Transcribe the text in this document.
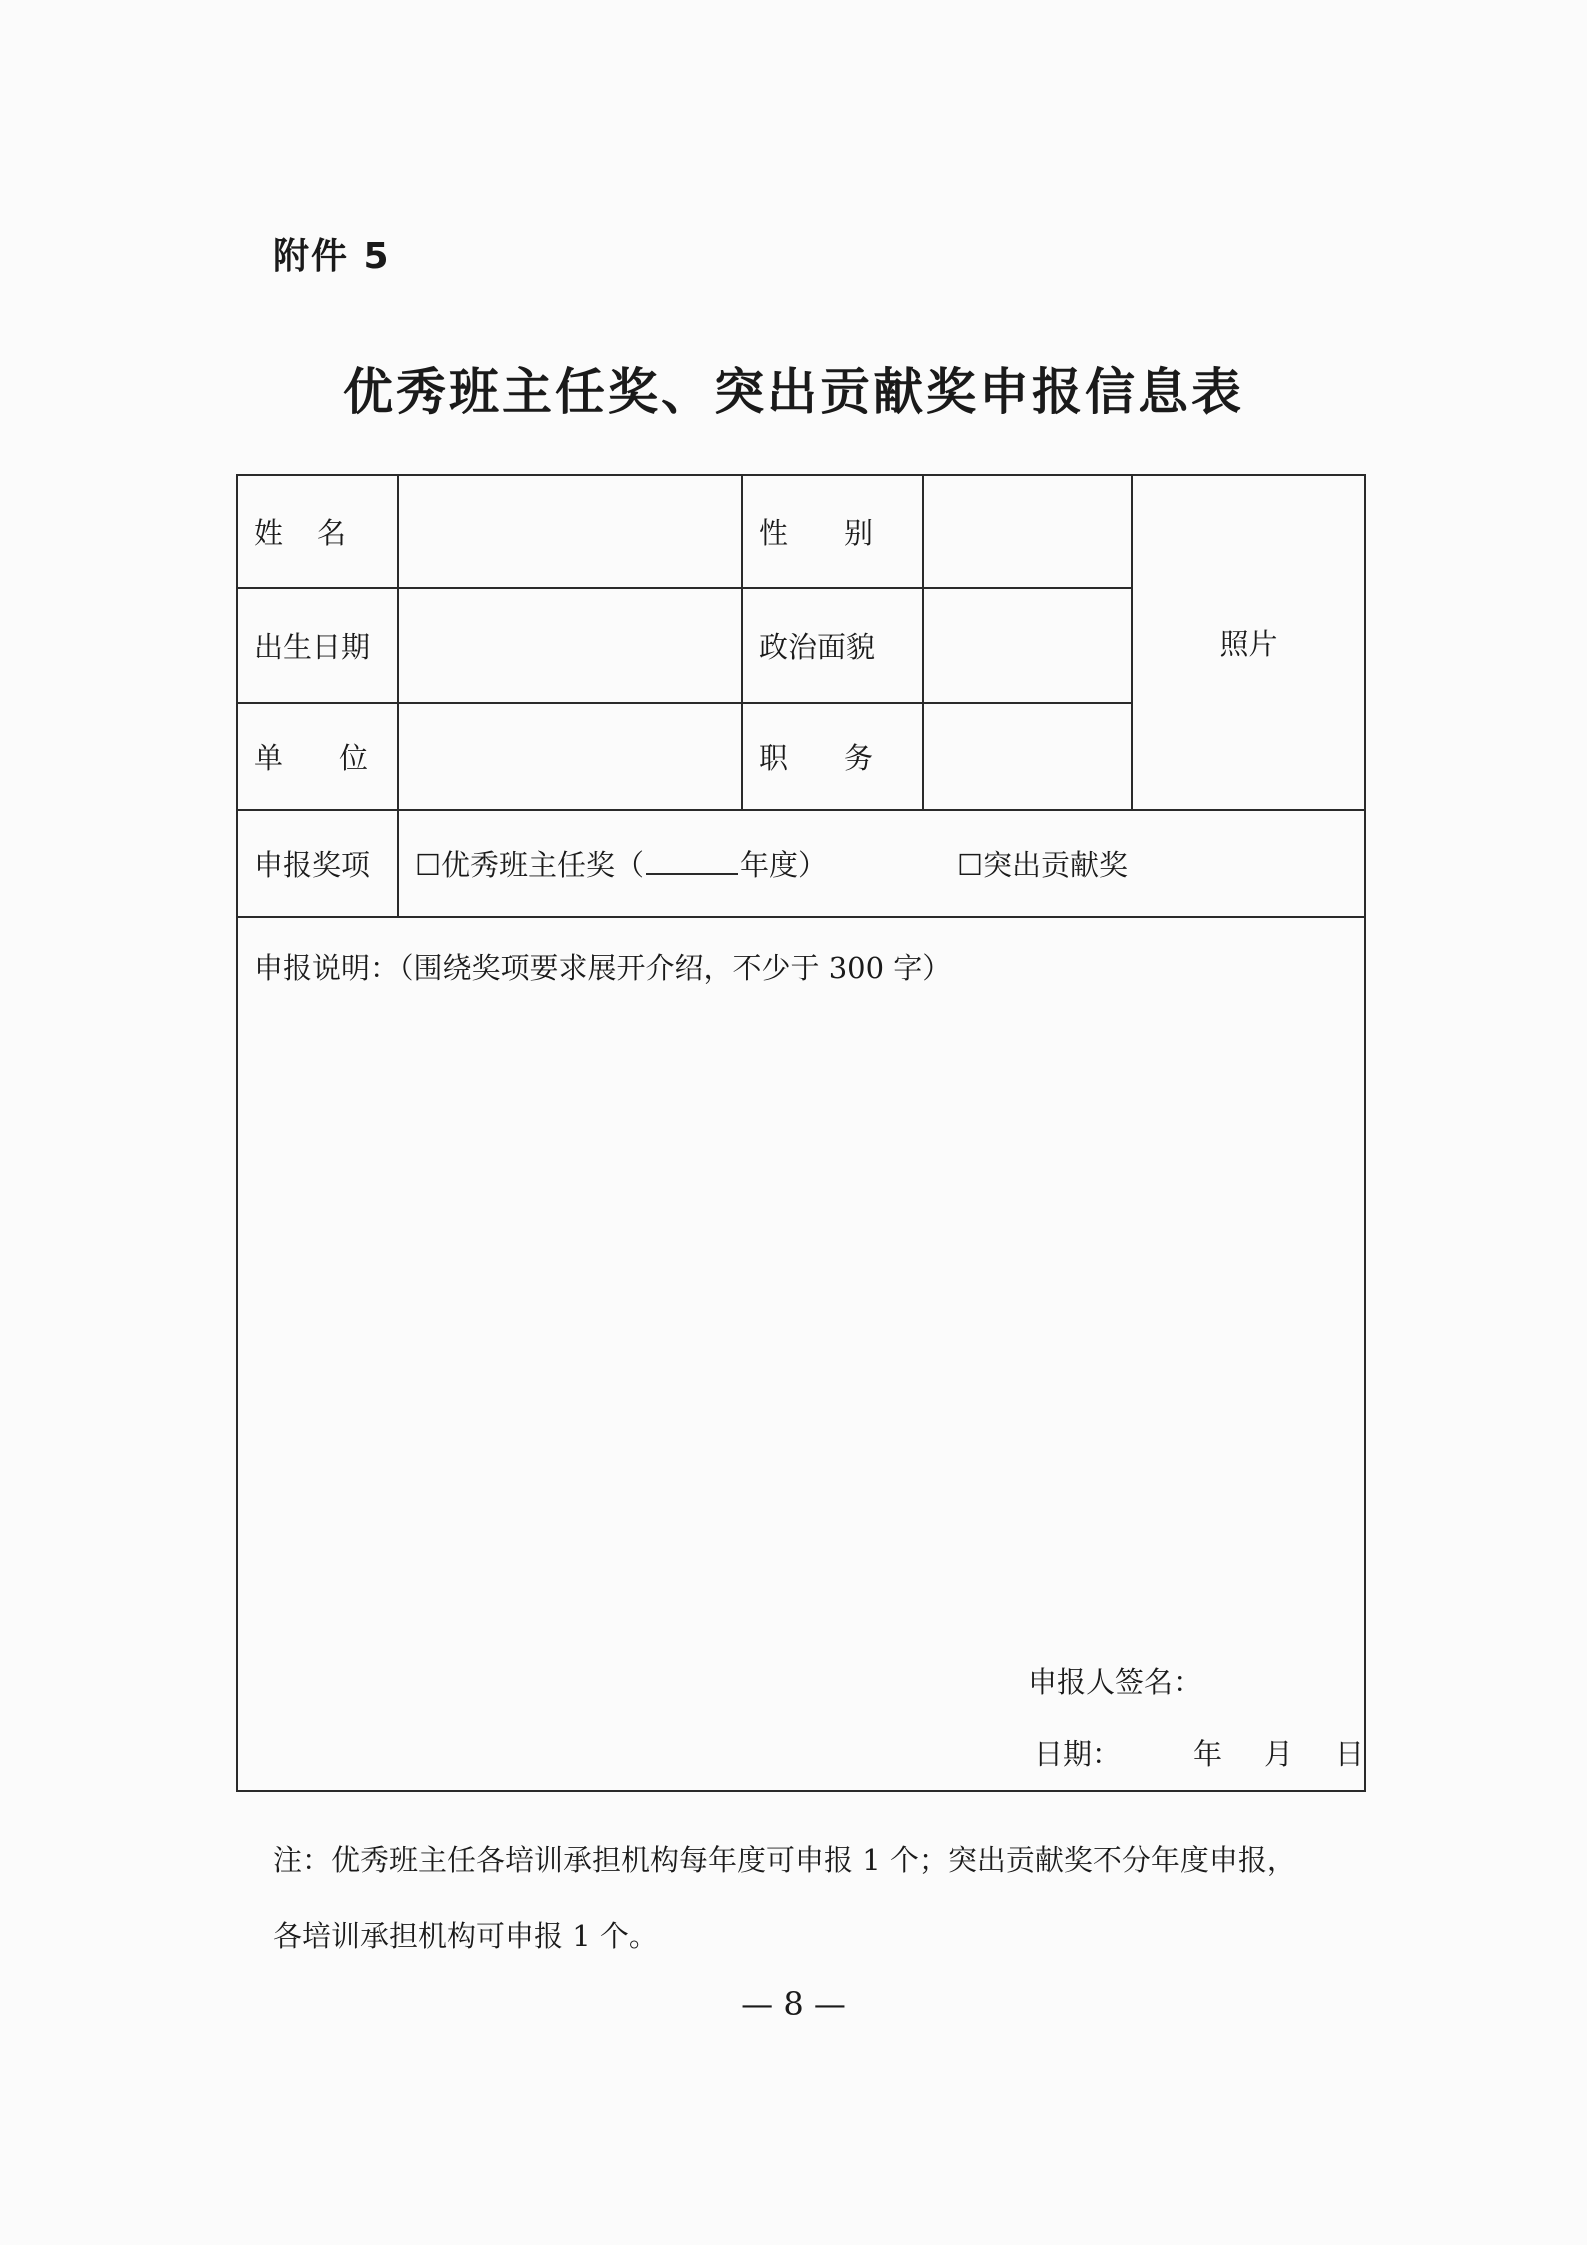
附件 5
优秀班主任奖、突出贡献奖申报信息表
姓名		性别		照片
出生日期		政治面貌		
单位		职务		
申报奖项	☐优秀班主任奖（ 年度） ☐突出贡献奖			

申报说明：（围绕奖项要求展开介绍，不少于 300 字）
申报人签名：
日期： 年 月 日				
注：优秀班主任各培训承担机构每年度可申报 1 个；突出贡献奖不分年度申报，
各培训承担机构可申报 1 个。
— 8 —
